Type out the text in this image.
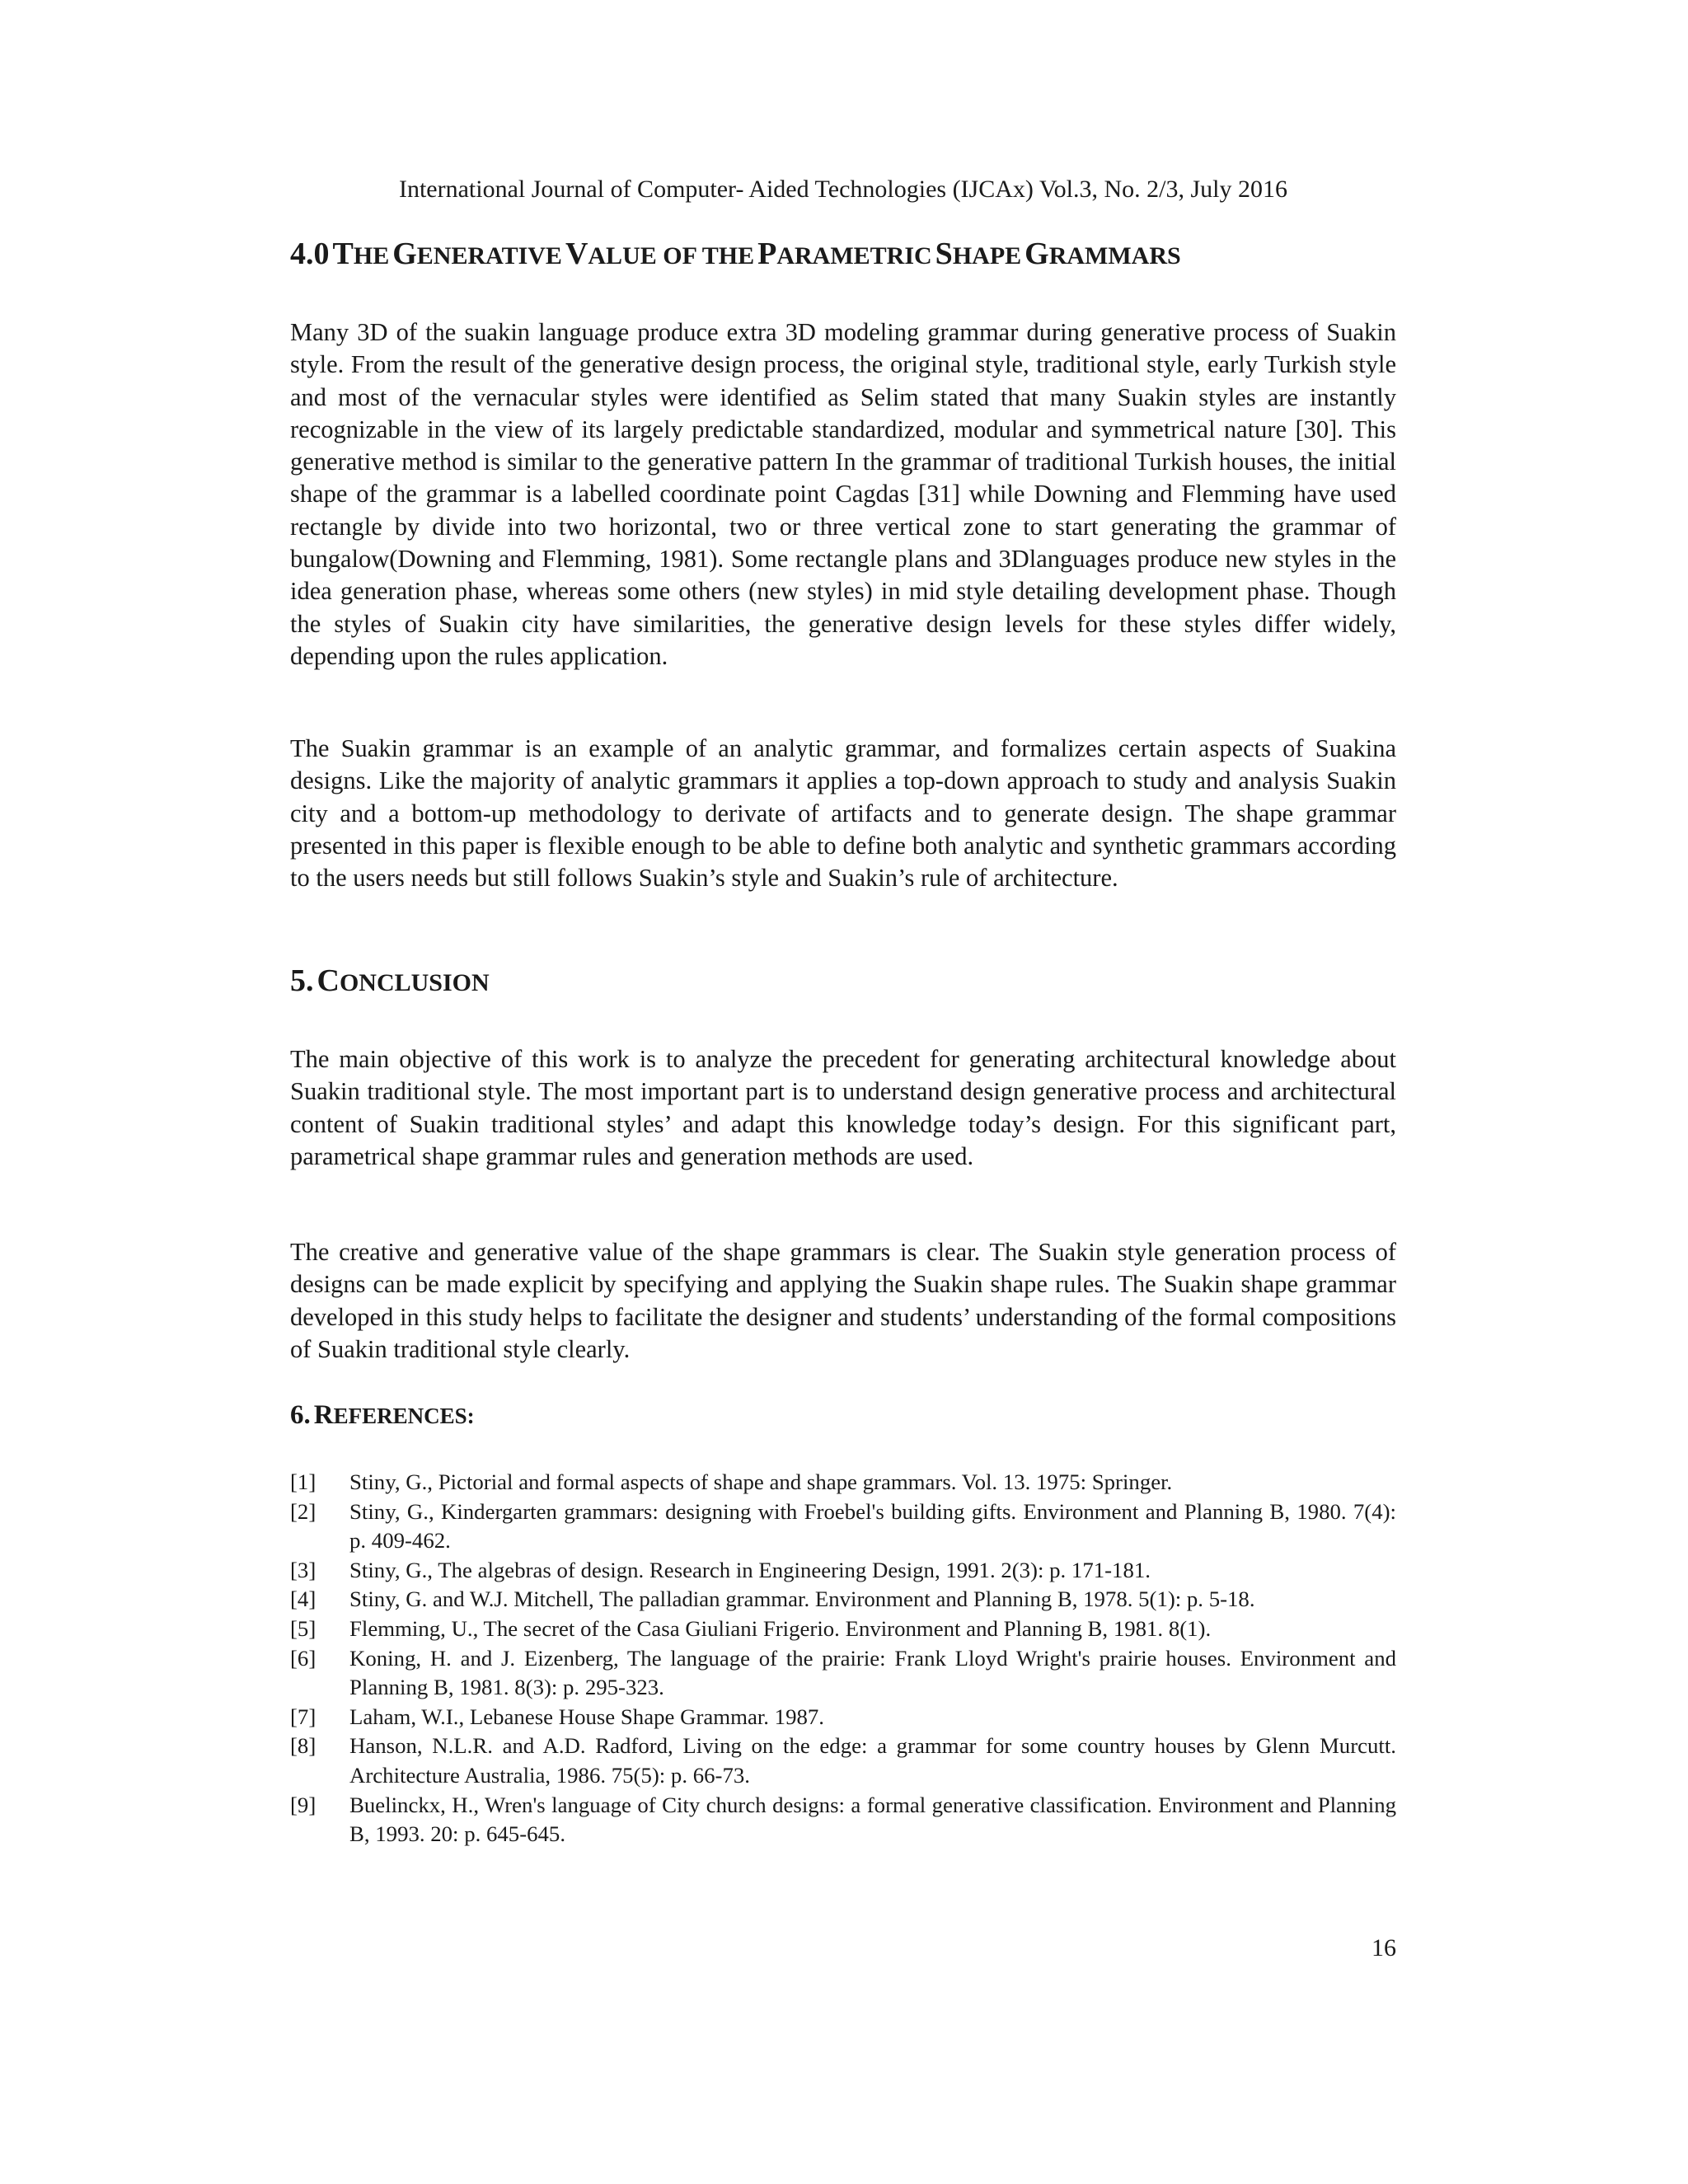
International Journal of Computer- Aided Technologies (IJCAx) Vol.3, No. 2/3, July 2016
4.0 THE GENERATIVE VALUE OF THE PARAMETRIC SHAPE GRAMMARS

Many 3D of the suakin language produce extra 3D modeling grammar during generative process of Suakin style. From the result of the generative design process, the original style, traditional style, early Turkish style and most of the vernacular styles were identified as Selim stated that many Suakin styles are instantly recognizable in the view of its largely predictable standardized, modular and symmetrical nature [30]. This generative method is similar to the generative pattern In the grammar of traditional Turkish houses, the initial shape of the grammar is a labelled coordinate point Cagdas [31] while Downing and Flemming have used rectangle by divide into two horizontal, two or three vertical zone to start generating the grammar of bungalow(Downing and Flemming, 1981). Some rectangle plans and 3Dlanguages produce new styles in the idea generation phase, whereas some others (new styles) in mid style detailing development phase. Though the styles of Suakin city have similarities, the generative design levels for these styles differ widely, depending upon the rules application.

The Suakin grammar is an example of an analytic grammar, and formalizes certain aspects of Suakina designs. Like the majority of analytic grammars it applies a top-down approach to study and analysis Suakin city and a bottom-up methodology to derivate of artifacts and to generate design. The shape grammar presented in this paper is flexible enough to be able to define both analytic and synthetic grammars according to the users needs but still follows Suakin’s style and Suakin’s rule of architecture.

5. CONCLUSION

The main objective of this work is to analyze the precedent for generating architectural knowledge about Suakin traditional style. The most important part is to understand design generative process and architectural content of Suakin traditional styles’ and adapt this knowledge today’s design. For this significant part, parametrical shape grammar rules and generation methods are used.

The creative and generative value of the shape grammars is clear. The Suakin style generation process of designs can be made explicit by specifying and applying the Suakin shape rules. The Suakin shape grammar developed in this study helps to facilitate the designer and students’ understanding of the formal compositions of Suakin traditional style clearly.

6. REFERENCES:
[1]	Stiny, G., Pictorial and formal aspects of shape and shape grammars. Vol. 13. 1975: Springer.
[2]	Stiny, G., Kindergarten grammars: designing with Froebel's building gifts. Environment and Planning B, 1980. 7(4): p. 409-462.
[3]	Stiny, G., The algebras of design. Research in Engineering Design, 1991. 2(3): p. 171-181.
[4]	Stiny, G. and W.J. Mitchell, The palladian grammar. Environment and Planning B, 1978. 5(1): p. 5-18.
[5]	Flemming, U., The secret of the Casa Giuliani Frigerio. Environment and Planning B, 1981. 8(1).
[6]	Koning, H. and J. Eizenberg, The language of the prairie: Frank Lloyd Wright's prairie houses. Environment and Planning B, 1981. 8(3): p. 295-323.
[7]	Laham, W.I., Lebanese House Shape Grammar. 1987.
[8]	Hanson, N.L.R. and A.D. Radford, Living on the edge: a grammar for some country houses by Glenn Murcutt. Architecture Australia, 1986. 75(5): p. 66-73.
[9]	Buelinckx, H., Wren's language of City church designs: a formal generative classification. Environment and Planning B, 1993. 20: p. 645-645.
16
